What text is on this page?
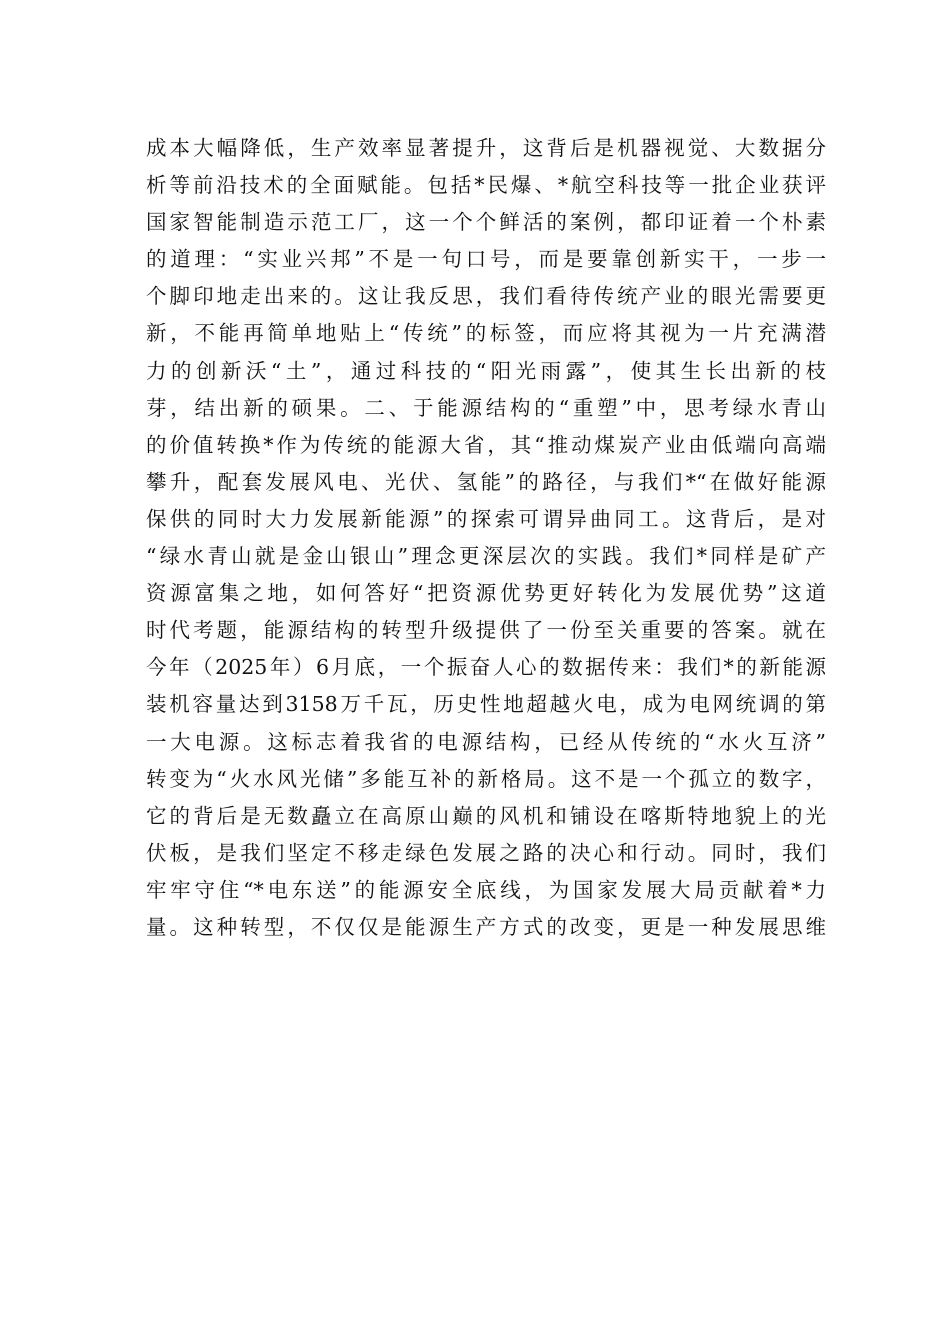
成本大幅降低，生产效率显著提升，这背后是机器视觉、大数据分
析等前沿技术的全面赋能。包括*民爆、*航空科技等一批企业获评
国家智能制造示范工厂，这一个个鲜活的案例，都印证着一个朴素
的道理：“实业兴邦”不是一句口号，而是要靠创新实干，一步一
个脚印地走出来的。这让我反思，我们看待传统产业的眼光需要更
新，不能再简单地贴上“传统”的标签，而应将其视为一片充满潜
力的创新沃“土”，通过科技的“阳光雨露”，使其生长出新的枝
芽，结出新的硕果。二、于能源结构的“重塑”中，思考绿水青山
的价值转换*作为传统的能源大省，其“推动煤炭产业由低端向高端
攀升，配套发展风电、光伏、氢能”的路径，与我们*“在做好能源
保供的同时大力发展新能源”的探索可谓异曲同工。这背后，是对
“绿水青山就是金山银山”理念更深层次的实践。我们*同样是矿产
资源富集之地，如何答好“把资源优势更好转化为发展优势”这道
时代考题，能源结构的转型升级提供了一份至关重要的答案。就在
今年（2025年）6月底，一个振奋人心的数据传来：我们*的新能源
装机容量达到3158万千瓦，历史性地超越火电，成为电网统调的第
一大电源。这标志着我省的电源结构，已经从传统的“水火互济”
转变为“火水风光储”多能互补的新格局。这不是一个孤立的数字，
它的背后是无数矗立在高原山巅的风机和铺设在喀斯特地貌上的光
伏板，是我们坚定不移走绿色发展之路的决心和行动。同时，我们
牢牢守住“*电东送”的能源安全底线，为国家发展大局贡献着*力
量。这种转型，不仅仅是能源生产方式的改变，更是一种发展思维
